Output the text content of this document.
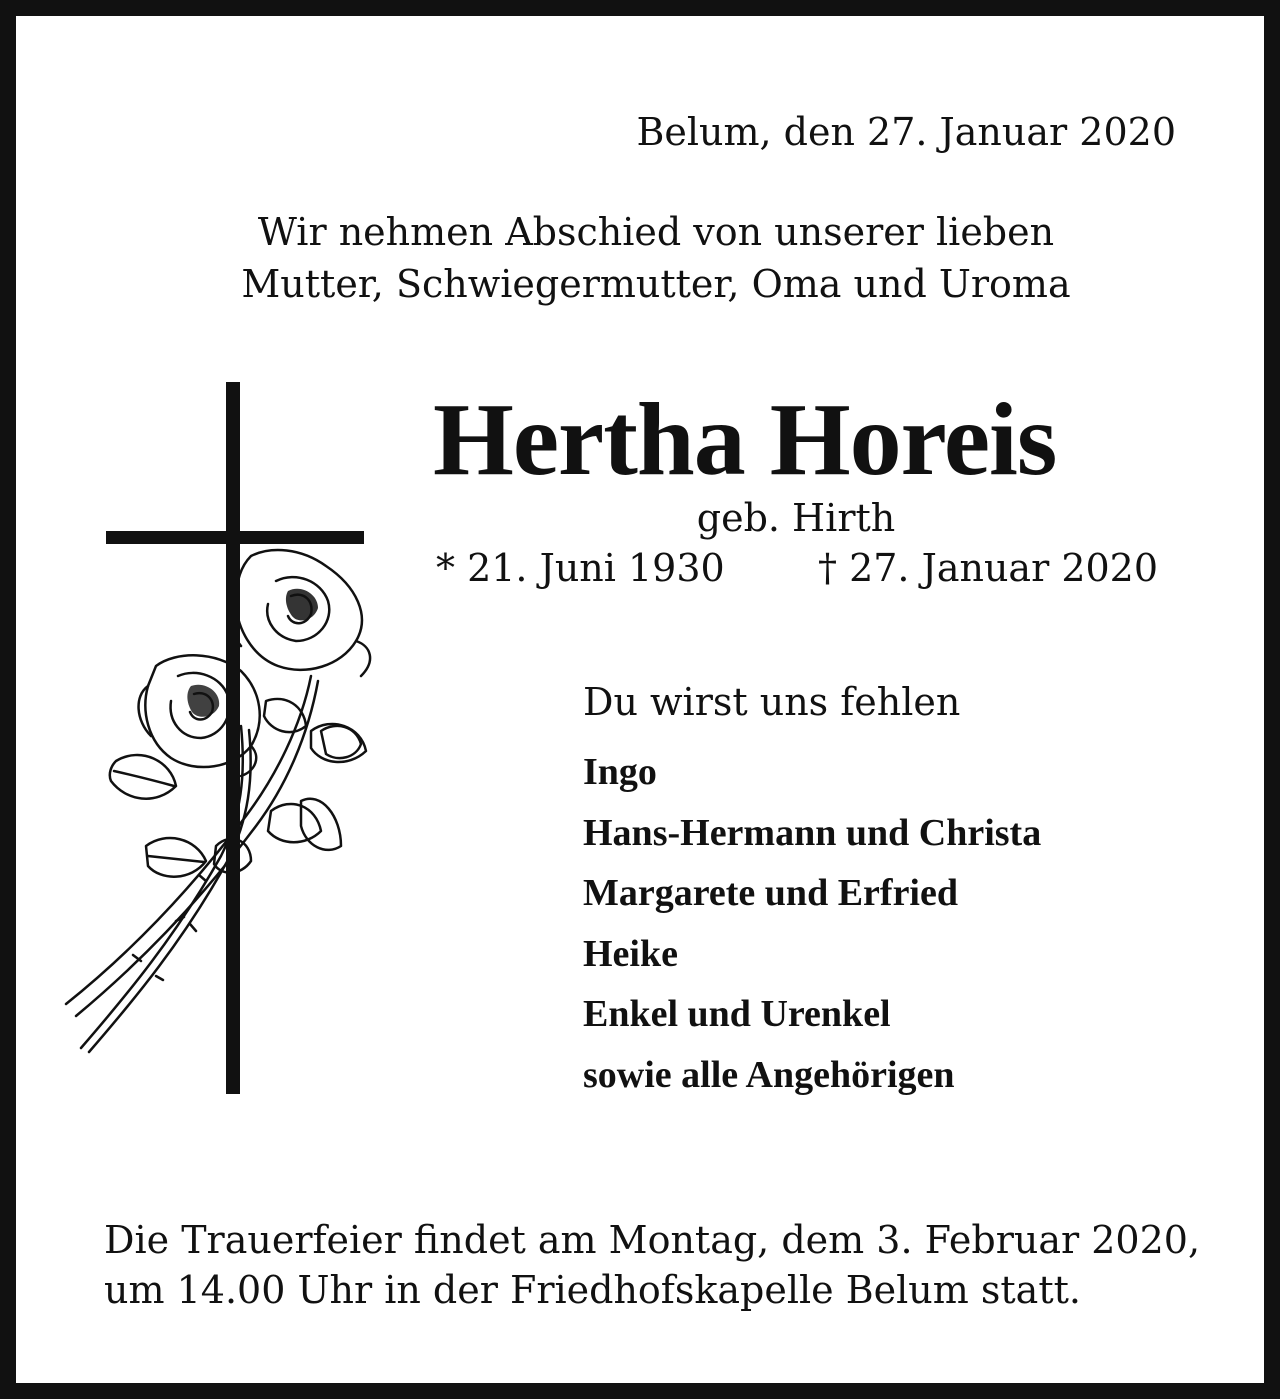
Belum, den 27. Januar 2020

Wir nehmen Abschied von unserer lieben

Mutter, Schwiegermutter, Oma und Uroma

Hertha Horeis

geb. Hirth

* 21. Juni 1930 † 27. Januar 2020

Du wirst uns fehlen

Ingo

Hans-Hermann und Christa

Margarete und Erfried

Heike

Enkel und Urenkel

sowie alle Angehörigen

Die Trauerfeier findet am Montag, dem 3. Februar 2020,

um 14.00 Uhr in der Friedhofskapelle Belum statt.
